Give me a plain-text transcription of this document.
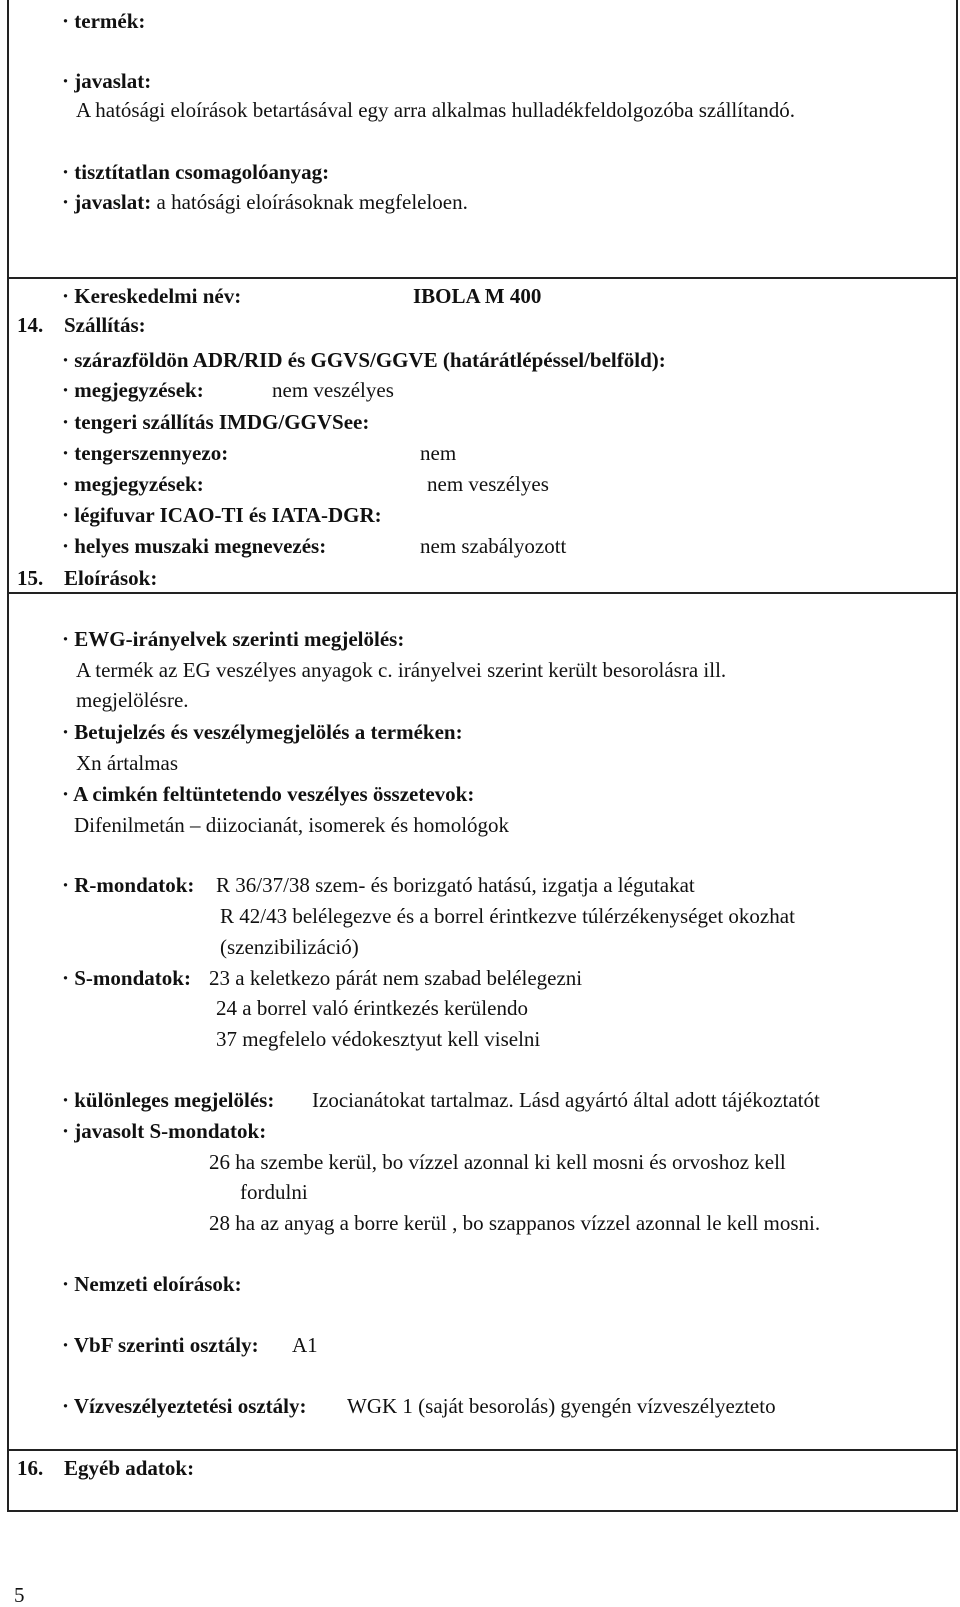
· termék:
· javaslat:
A hatósági eloírások betartásával egy arra alkalmas hulladékfeldolgozóba szállítandó.
· tisztítatlan csomagolóanyag:
· javaslat: a hatósági eloírásoknak megfeleloen.
· Kereskedelmi név:	IBOLA M 400
14. Szállítás:
· szárazföldön ADR/RID és GGVS/GGVE (határátlépéssel/belföld):
· megjegyzések:	nem veszélyes
· tengeri szállítás IMDG/GGVSee:
· tengerszennyezo:	nem
· megjegyzések:	nem veszélyes
· légifuvar ICAO-TI és IATA-DGR:
· helyes muszaki megnevezés:	nem szabályozott
15. Eloírások:
· EWG-irányelvek szerinti megjelölés:
A termék az EG veszélyes anyagok c. irányelvei szerint került besorolásra ill.
megjelölésre.
· Betujelzés és veszélymegjelölés a terméken:
Xn ártalmas
· A cimkén feltüntetendo veszélyes összetevok:
Difenilmetán – diizocianát, isomerek és homológok
· R-mondatok: R 36/37/38 szem- és borizgató hatású, izgatja a légutakat
R 42/43 belélegezve és a borrel érintkezve túlérzékenységet okozhat
(szenzibilizáció)
· S-mondatok: 23 a keletkezo párát nem szabad belélegezni
24 a borrel való érintkezés kerülendo
37 megfelelo védokesztyut kell viselni
· különleges megjelölés: Izocianátokat tartalmaz. Lásd agyártó által adott tájékoztatót
· javasolt S-mondatok:
26 ha szembe kerül, bo vízzel azonnal ki kell mosni és orvoshoz kell
fordulni
28 ha az anyag a borre kerül , bo szappanos vízzel azonnal le kell mosni.
· Nemzeti eloírások:
· VbF szerinti osztály: A1
· Vízveszélyeztetési osztály: WGK 1 (saját besorolás) gyengén vízveszélyezteto
16. Egyéb adatok:
5
